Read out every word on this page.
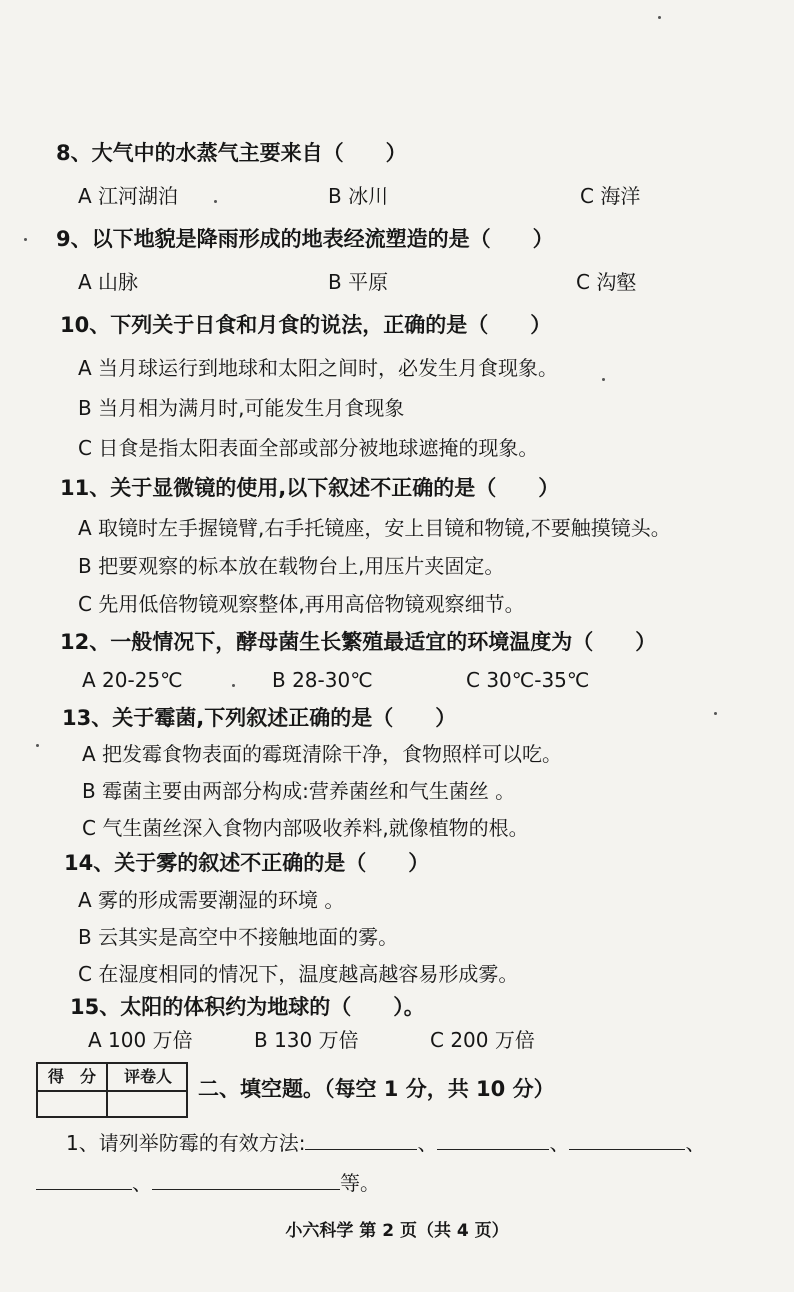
8、大气中的水蒸气主要来自（　　）
A 江河湖泊	B 冰川	C 海洋
9、以下地貌是降雨形成的地表经流塑造的是（　　）
A 山脉	B 平原	C 沟壑
10、下列关于日食和月食的说法，正确的是（　　）
A 当月球运行到地球和太阳之间时，必发生月食现象。
B 当月相为满月时,可能发生月食现象
C 日食是指太阳表面全部或部分被地球遮掩的现象。
11、关于显微镜的使用,以下叙述不正确的是（　　）
A 取镜时左手握镜臂,右手托镜座，安上目镜和物镜,不要触摸镜头。
B 把要观察的标本放在载物台上,用压片夹固定。
C 先用低倍物镜观察整体,再用高倍物镜观察细节。
12、一般情况下，酵母菌生长繁殖最适宜的环境温度为（　　）
A 20-25℃	B 28-30℃	C 30℃-35℃
13、关于霉菌,下列叙述正确的是（　　）
A 把发霉食物表面的霉斑清除干净，食物照样可以吃。
B 霉菌主要由两部分构成:营养菌丝和气生菌丝 。
C 气生菌丝深入食物内部吸收养料,就像植物的根。
14、关于雾的叙述不正确的是（　　）
A 雾的形成需要潮湿的环境 。
B 云其实是高空中不接触地面的雾。
C 在湿度相同的情况下，温度越高越容易形成雾。
15、太阳的体积约为地球的（　　）。
A 100 万倍	B 130 万倍	C 200 万倍
得　分	评卷人
二、填空题。（每空 1 分，共 10 分）
1、请列举防霉的有效方法:	、	、	、
、	等。
小六科学 第 2 页（共 4 页）
